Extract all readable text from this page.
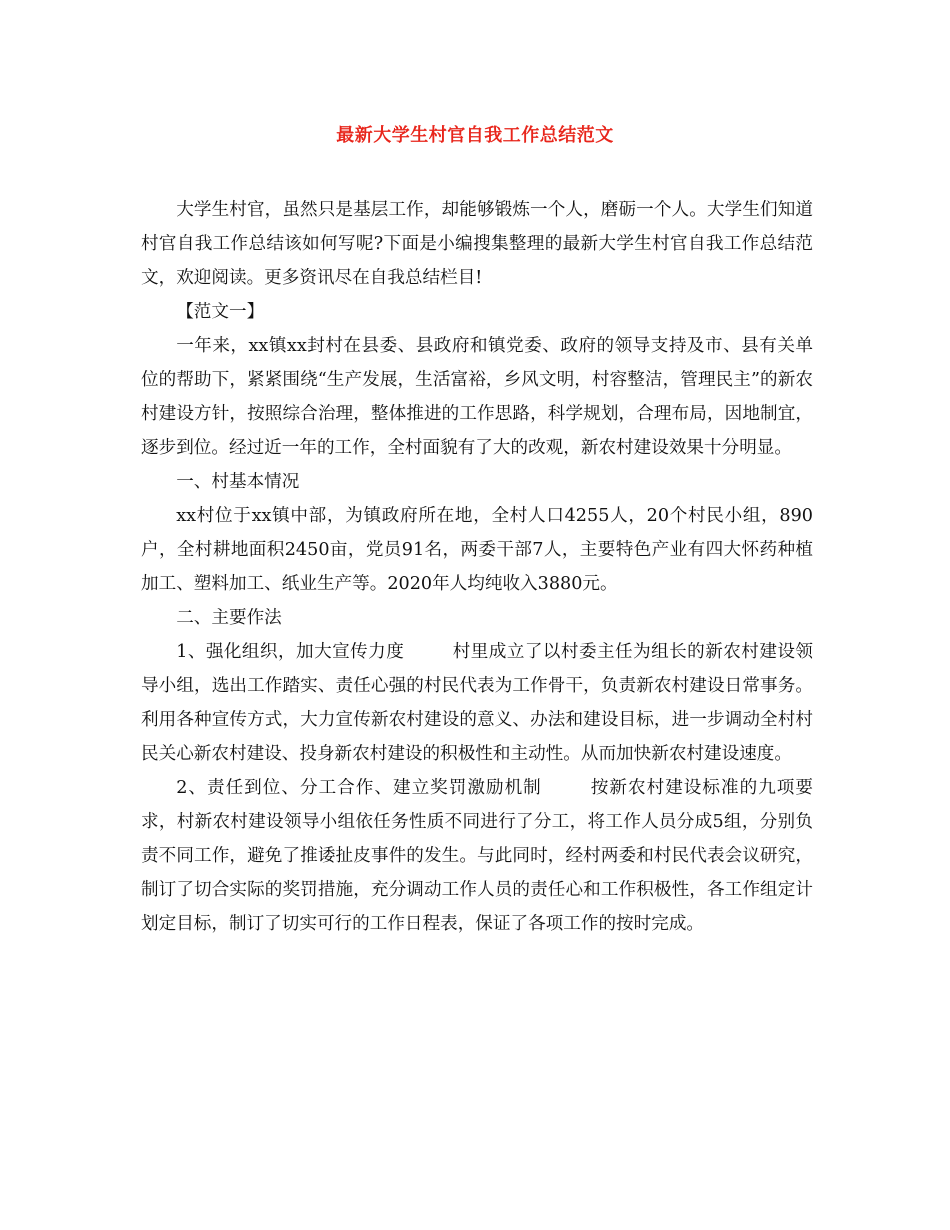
最新大学生村官自我工作总结范文

大学生村官，虽然只是基层工作，却能够锻炼一个人，磨砺一个人。大学生们知道村官自我工作总结该如何写呢?下面是小编搜集整理的最新大学生村官自我工作总结范文，欢迎阅读。更多资讯尽在自我总结栏目!

【范文一】

一年来，xx镇xx封村在县委、县政府和镇党委、政府的领导支持及市、县有关单位的帮助下，紧紧围绕“生产发展，生活富裕，乡风文明，村容整洁，管理民主”的新农村建设方针，按照综合治理，整体推进的工作思路，科学规划，合理布局，因地制宜，逐步到位。经过近一年的工作，全村面貌有了大的改观，新农村建设效果十分明显。

一、村基本情况

xx村位于xx镇中部，为镇政府所在地，全村人口4255人，20个村民小组，890户，全村耕地面积2450亩，党员91名，两委干部7人，主要特色产业有四大怀药种植加工、塑料加工、纸业生产等。2020年人均纯收入3880元。

二、主要作法

1、强化组织，加大宣传力度	村里成立了以村委主任为组长的新农村建设领导小组，选出工作踏实、责任心强的村民代表为工作骨干，负责新农村建设日常事务。利用各种宣传方式，大力宣传新农村建设的意义、办法和建设目标，进一步调动全村村民关心新农村建设、投身新农村建设的积极性和主动性。从而加快新农村建设速度。

2、责任到位、分工合作、建立奖罚激励机制	按新农村建设标准的九项要求，村新农村建设领导小组依任务性质不同进行了分工，将工作人员分成5组，分别负责不同工作，避免了推诿扯皮事件的发生。与此同时，经村两委和村民代表会议研究，制订了切合实际的奖罚措施，充分调动工作人员的责任心和工作积极性，各工作组定计划定目标，制订了切实可行的工作日程表，保证了各项工作的按时完成。
